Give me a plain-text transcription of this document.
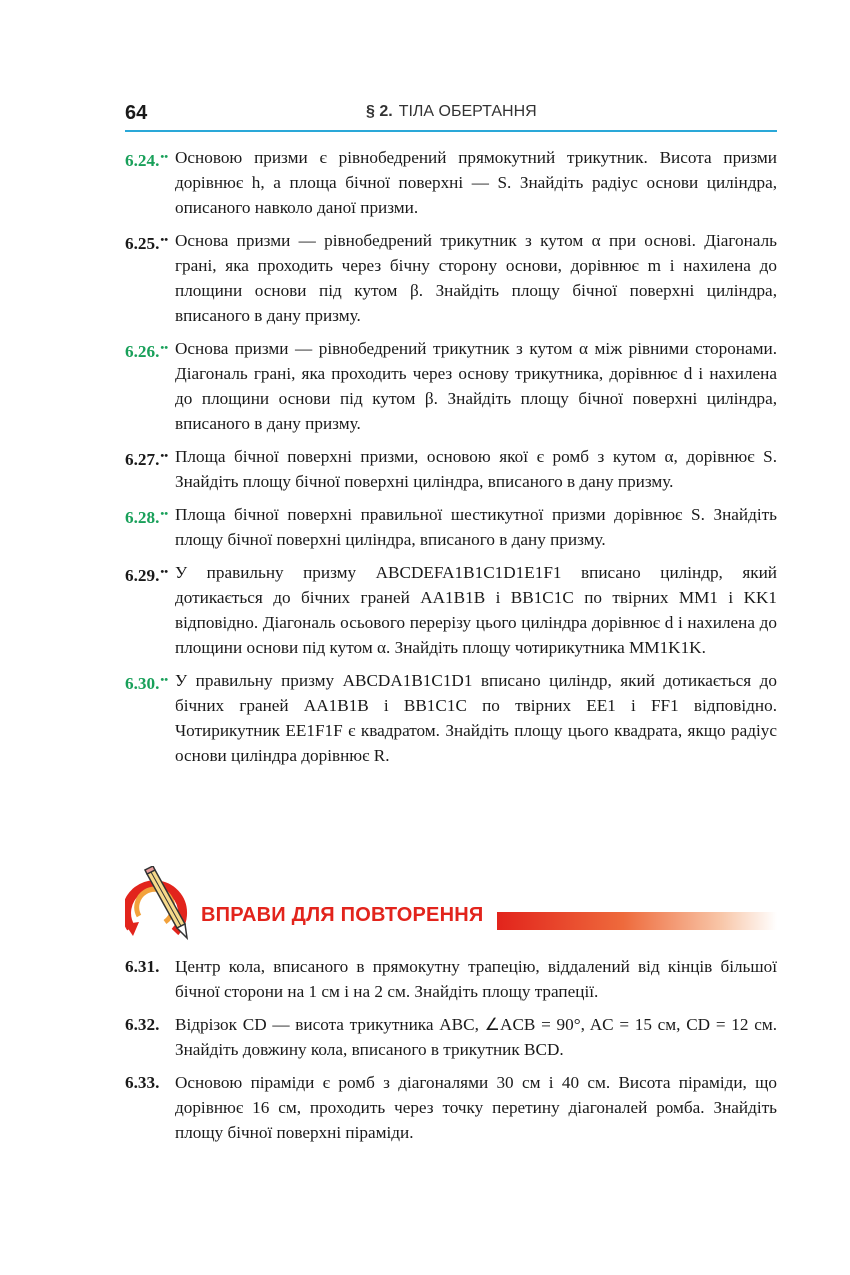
64	§ 2. ТІЛА ОБЕРТАННЯ
6.24.•• Основою призми є рівнобедрений прямокутний трикутник. Висота призми дорівнює h, а площа бічної поверхні — S. Знайдіть радіус основи циліндра, описаного навколо даної призми.
6.25.•• Основа призми — рівнобедрений трикутник з кутом α при основі. Діагональ грані, яка проходить через бічну сторону основи, дорівнює m і нахилена до площини основи під кутом β. Знайдіть площу бічної поверхні циліндра, вписаного в дану призму.
6.26.•• Основа призми — рівнобедрений трикутник з кутом α між рівними сторонами. Діагональ грані, яка проходить через основу трикутника, дорівнює d і нахилена до площини основи під кутом β. Знайдіть площу бічної поверхні циліндра, вписаного в дану призму.
6.27.•• Площа бічної поверхні призми, основою якої є ромб з кутом α, дорівнює S. Знайдіть площу бічної поверхні циліндра, вписаного в дану призму.
6.28.•• Площа бічної поверхні правильної шестикутної призми дорівнює S. Знайдіть площу бічної поверхні циліндра, вписаного в дану призму.
6.29.•• У правильну призму ABCDEFA1B1C1D1E1F1 вписано циліндр, який дотикається до бічних граней AA1B1B і BB1C1C по твірних MM1 і KK1 відповідно. Діагональ осьового перерізу цього циліндра дорівнює d і нахилена до площини основи під кутом α. Знайдіть площу чотирикутника MM1K1K.
6.30.•• У правильну призму ABCDA1B1C1D1 вписано циліндр, який дотикається до бічних граней AA1B1B і BB1C1C по твірних EE1 і FF1 відповідно. Чотирикутник EE1F1F є квадратом. Знайдіть площу цього квадрата, якщо радіус основи циліндра дорівнює R.
ВПРАВИ ДЛЯ ПОВТОРЕННЯ
6.31. Центр кола, вписаного в прямокутну трапецію, віддалений від кінців більшої бічної сторони на 1 см і на 2 см. Знайдіть площу трапеції.
6.32. Відрізок CD — висота трикутника ABC, ∠ACB = 90°, AC = 15 см, CD = 12 см. Знайдіть довжину кола, вписаного в трикутник BCD.
6.33. Основою піраміди є ромб з діагоналями 30 см і 40 см. Висота піраміди, що дорівнює 16 см, проходить через точку перетину діагоналей ромба. Знайдіть площу бічної поверхні піраміди.
